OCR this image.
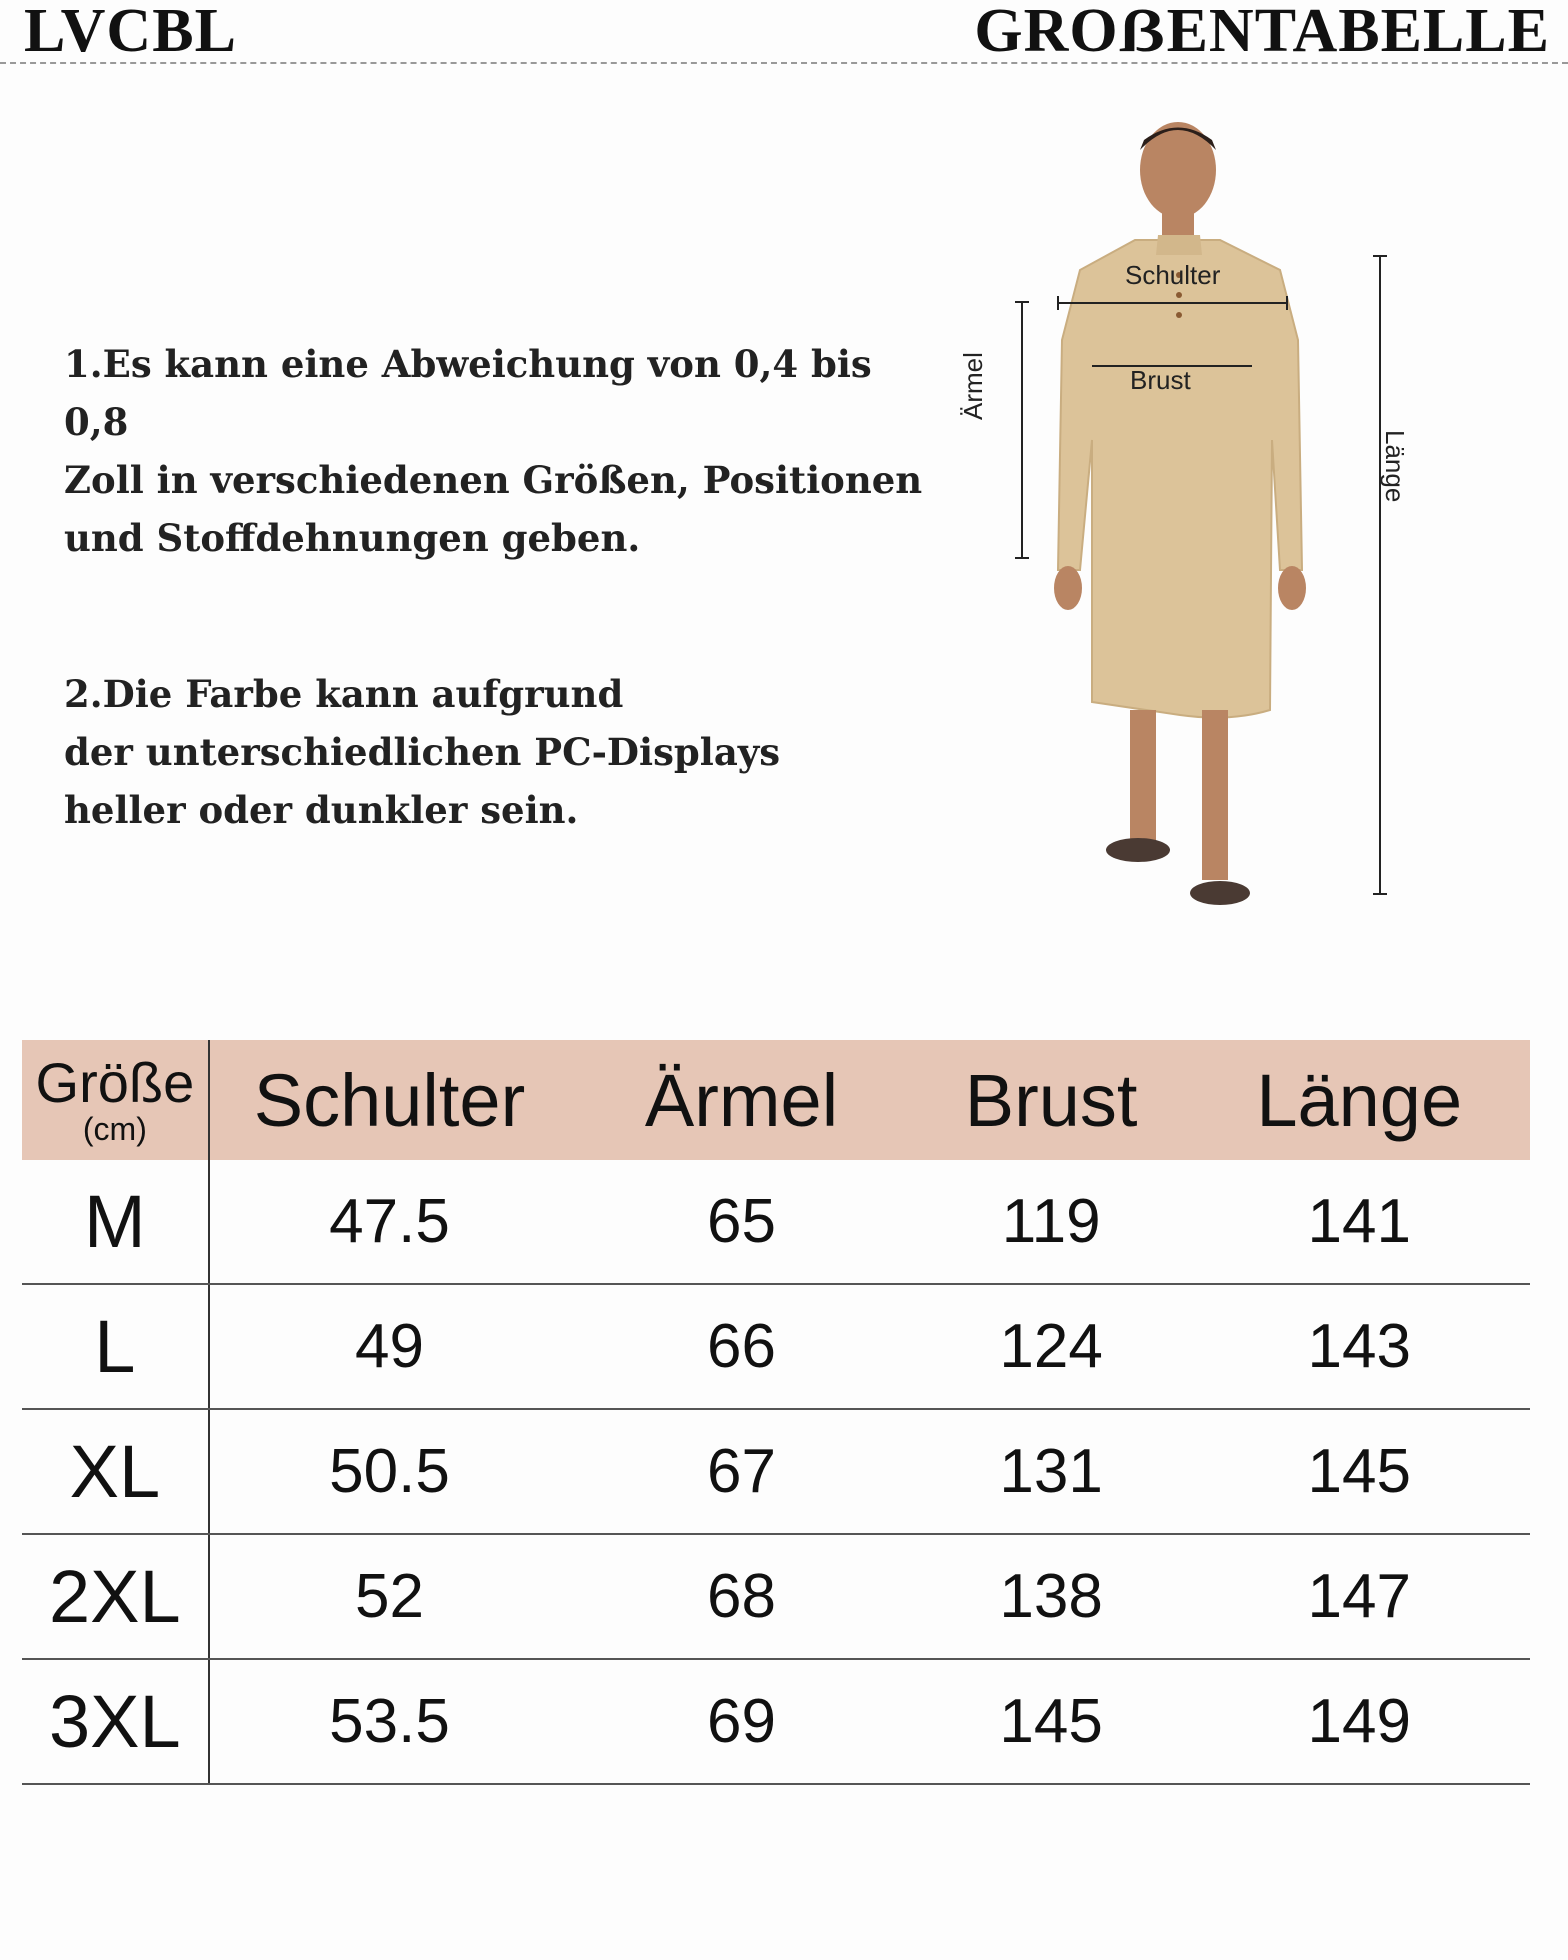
LVCBL	GROẞENTABELLE
1.Es kann eine Abweichung von 0,4 bis 0,8
Zoll in verschiedenen Größen, Positionen
und Stoffdehnungen geben.
2.Die Farbe kann aufgrund
der unterschiedlichen PC-Displays
heller oder dunkler sein.
Schulter
Brust
Ärmel
Länge
Größe
(cm)	Schulter	Ärmel	Brust	Länge
M	47.5	65	119	141
L	49	66	124	143
XL	50.5	67	131	145
2XL	52	68	138	147
3XL	53.5	69	145	149
